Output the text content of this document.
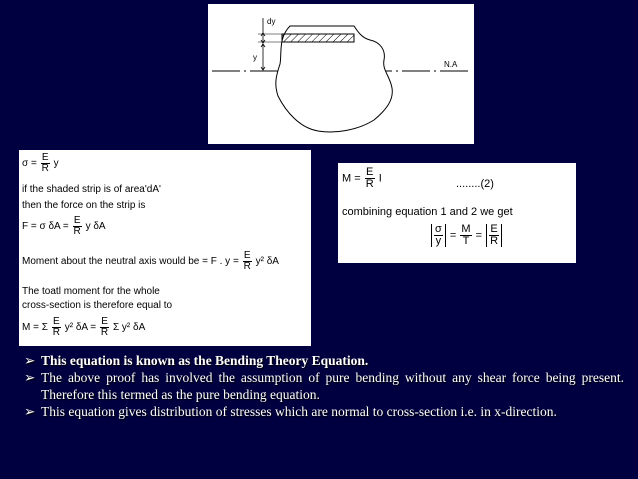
dy
y
N.A
$\sigma = \frac{E}{R}$ y
if the shaded strip is of area'dA'
then the force on the strip is
F = σ $\delta A = \frac{E}{R}$ y δA
Moment about the neutral axis would be = F . $y = \frac{E}{R} y^2$ δA
The toatl moment for the whole
cross-section is therefore equal to
M = Σ $\frac{E}{R} y^2$ $\delta A = \frac{E}{R}$ Σ y² δA
$M = \frac{E}{R}$ I	........(2)
combining equation 1 and 2 we get
$\frac{\sigma}{y} = \frac{M}{T} = \frac{E}{R}$
➢ This equation is known as the Bending Theory Equation.
➢ The above proof has involved the assumption of pure bending without any shear force being present. Therefore this termed as the pure bending equation.
➢ This equation gives distribution of stresses which are normal to cross-section i.e. in x-direction.
